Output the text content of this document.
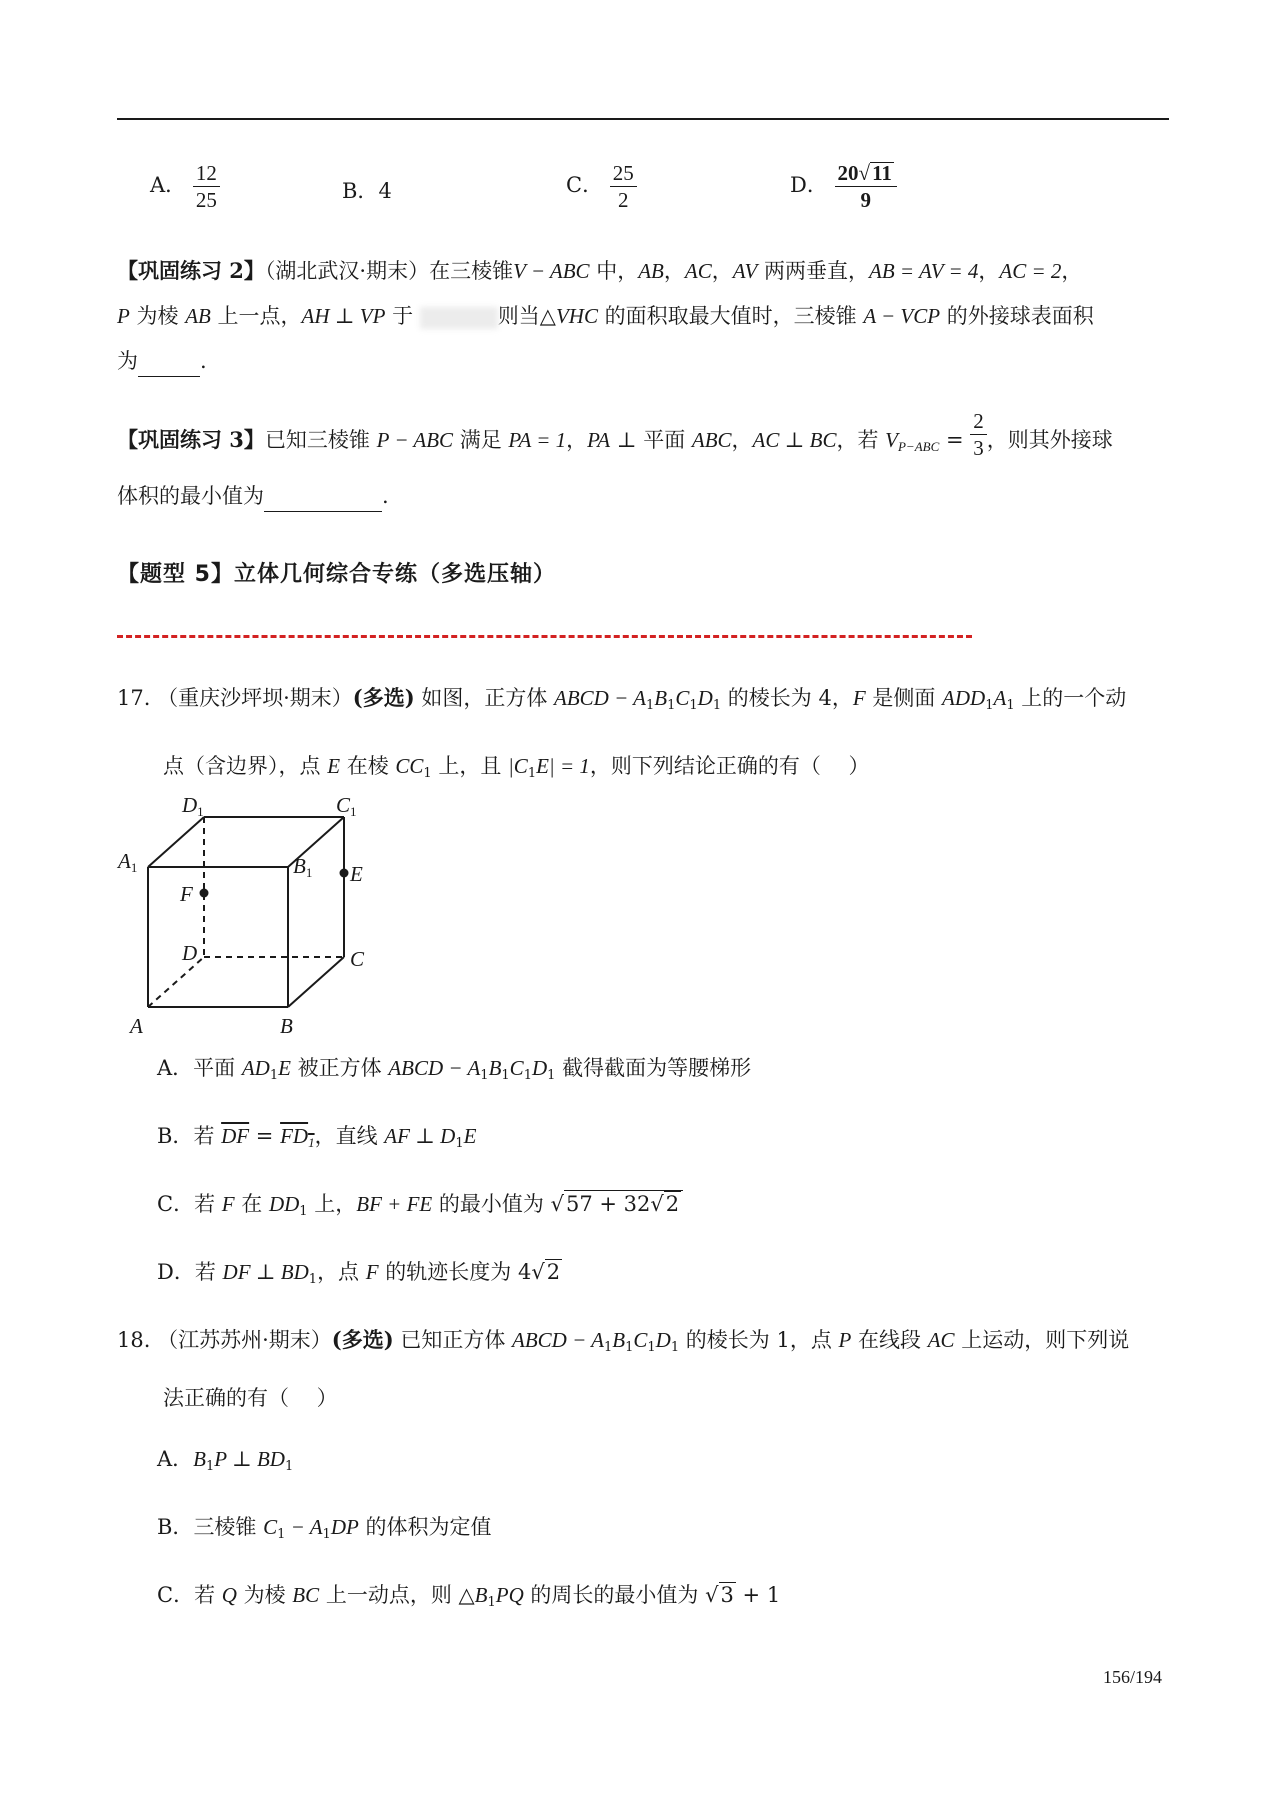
A． $\frac{12}{25}$	B．4	C． $\frac{25}{2}$	D． $\frac{20√11}{9}$
【巩固练习 2】（湖北武汉·期末）在三棱锥V − ABC 中，AB，AC，AV 两两垂直，AB = AV = 4，AC = 2，
P 为棱 AB 上一点，AH ⊥ VP 于	则当△VHC 的面积取最大值时，三棱锥 A − VCP 的外接球表面积
为	.
【巩固练习 3】已知三棱锥 P − ABC 满足 PA = 1，PA ⊥ 平面 ABC，AC ⊥ BC，若 $V_{P-ABC} = \frac{2}{3}$ ，则其外接球
体积的最小值为	.
【题型 5】立体几何综合专练（多选压轴）
17. （重庆沙坪坝·期末）(多选) 如图，正方体 ABCD − $A_1B_1C_1D_1$ 的棱长为 4，F 是侧面 $ADD_1A_1$ 上的一个动
点（含边界），点 E 在棱 $CC_1$ 上，且 $|C_1E| = 1$，则下列结论正确的有（　 ）
D1	C1
A1	B1
F
E
D	C
A	B
A．平面 $AD_1E$ 被正方体 ABCD − $A_1B_1C_1D_1$ 截得截面为等腰梯形
B．若 $\overline{DF} = FD_1$，直线 AF ⊥ $D_1E$
C．若 F 在 $DD_1$ 上，BF + FE 的最小值为 √57 + 32√2
D．若 DF ⊥ $BD_1$，点 F 的轨迹长度为 4√2
18. （江苏苏州·期末）(多选) 已知正方体 ABCD − $A_1B_1C_1D_1$ 的棱长为 1，点 P 在线段 AC 上运动，则下列说
法正确的有（　 ）
A．$B_1P$ ⊥ $BD_1$
B．三棱锥 $C_1 - A_1DP$ 的体积为定值
C．若 Q 为棱 BC 上一动点，则 $\triangle B_1PQ$ 的周长的最小值为 √3 + 1
156/194
